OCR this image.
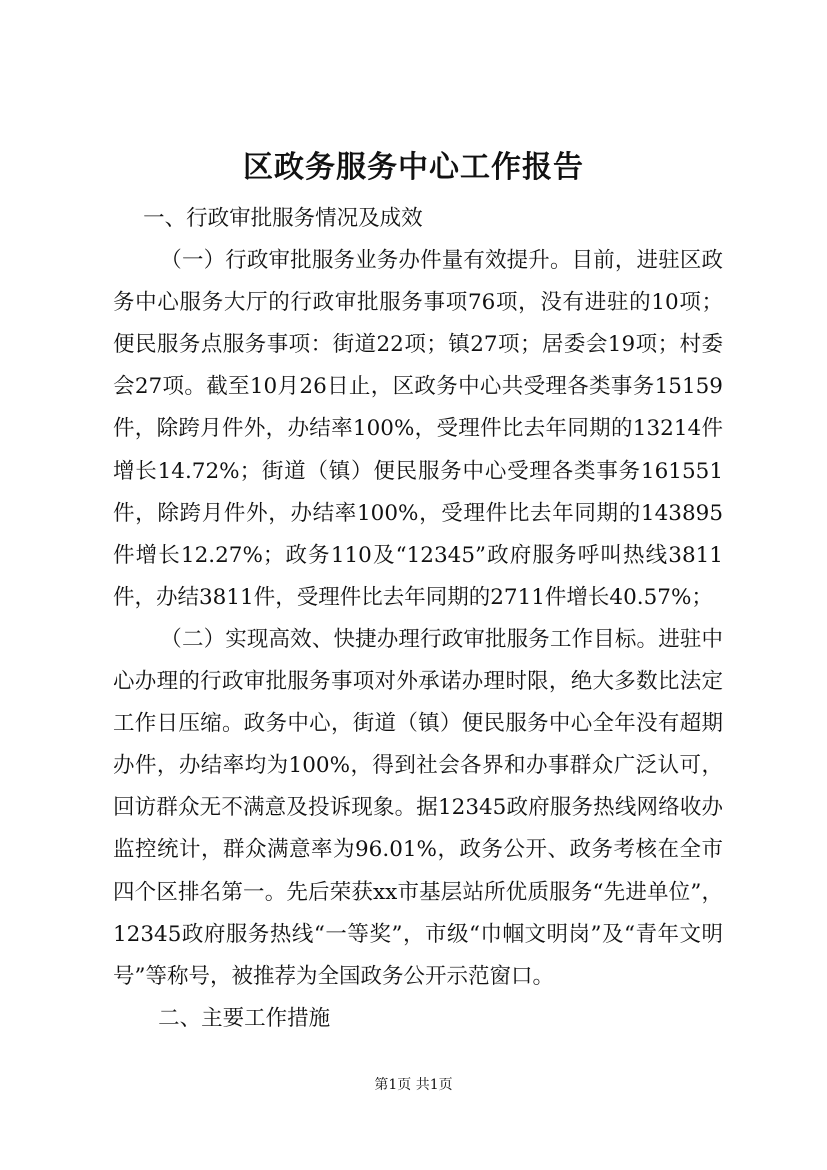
区政务服务中心工作报告

一、行政审批服务情况及成效

（一）行政审批服务业务办件量有效提升。目前，进驻区政务中心服务大厅的行政审批服务事项76项，没有进驻的10项；便民服务点服务事项：街道22项；镇27项；居委会19项；村委会27项。截至10月26日止，区政务中心共受理各类事务15159件，除跨月件外，办结率100%，受理件比去年同期的13214件增长14.72%；街道（镇）便民服务中心受理各类事务161551件，除跨月件外，办结率100%，受理件比去年同期的143895件增长12.27%；政务110及“12345”政府服务呼叫热线3811件，办结3811件，受理件比去年同期的2711件增长40.57%；

（二）实现高效、快捷办理行政审批服务工作目标。进驻中心办理的行政审批服务事项对外承诺办理时限，绝大多数比法定工作日压缩。政务中心，街道（镇）便民服务中心全年没有超期办件，办结率均为100%，得到社会各界和办事群众广泛认可，回访群众无不满意及投诉现象。据12345政府服务热线网络收办监控统计，群众满意率为96.01%，政务公开、政务考核在全市四个区排名第一。先后荣获xx市基层站所优质服务“先进单位”，12345政府服务热线“一等奖”，市级“巾帼文明岗”及“青年文明号”等称号，被推荐为全国政务公开示范窗口。

二、主要工作措施

第1页 共1页
